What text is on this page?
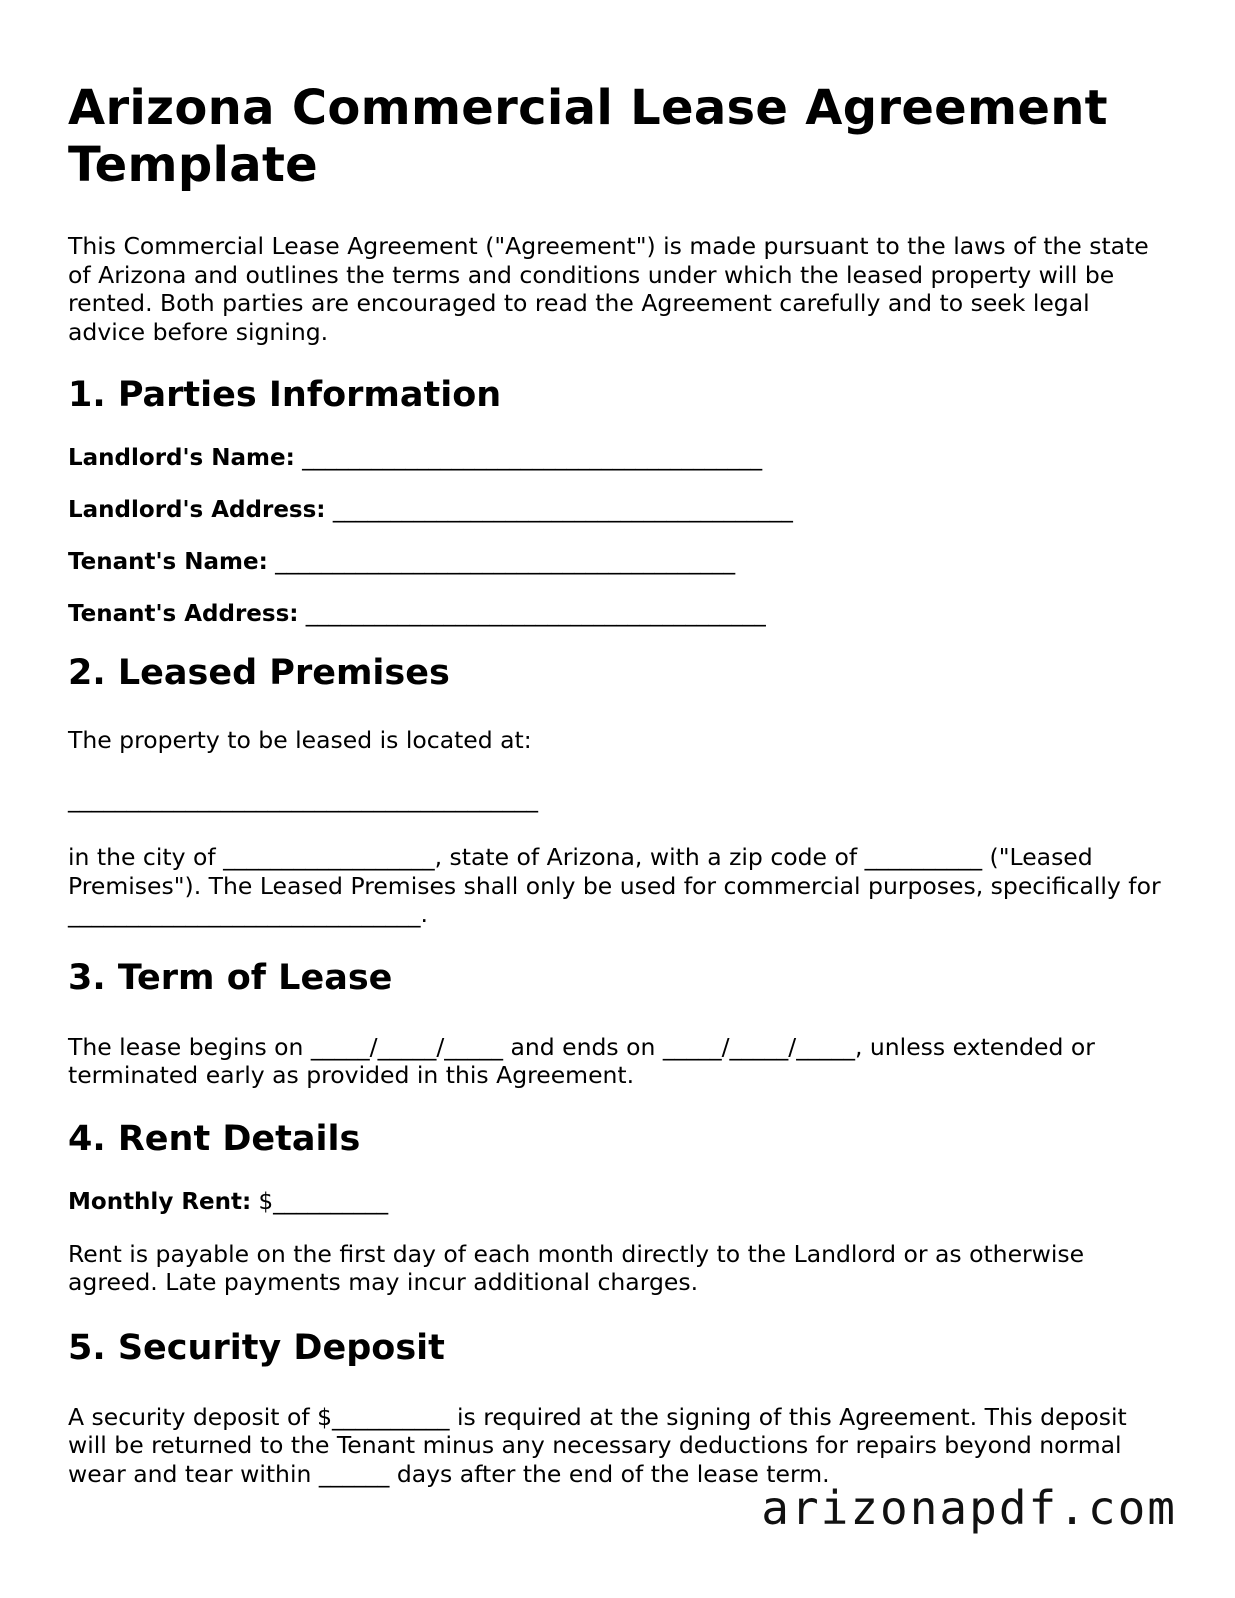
Arizona Commercial Lease Agreement Template

This Commercial Lease Agreement ("Agreement") is made pursuant to the laws of the state of Arizona and outlines the terms and conditions under which the leased property will be rented. Both parties are encouraged to read the Agreement carefully and to seek legal advice before signing.

1. Parties Information
Landlord's Name: ________________________________________
Landlord's Address: ________________________________________
Tenant's Name: ________________________________________
Tenant's Address: ________________________________________
2. Leased Premises

The property to be leased is located at:

________________________________________

in the city of __________________, state of Arizona, with a zip code of __________ ("Leased Premises"). The Leased Premises shall only be used for commercial purposes, specifically for ______________________________.

3. Term of Lease

The lease begins on _____/_____/_____ and ends on _____/_____/_____, unless extended or terminated early as provided in this Agreement.

4. Rent Details
Monthly Rent: $__________

Rent is payable on the first day of each month directly to the Landlord or as otherwise agreed. Late payments may incur additional charges.

5. Security Deposit

A security deposit of $__________ is required at the signing of this Agreement. This deposit will be returned to the Tenant minus any necessary deductions for repairs beyond normal wear and tear within ______ days after the end of the lease term.

arizonapdf.com
